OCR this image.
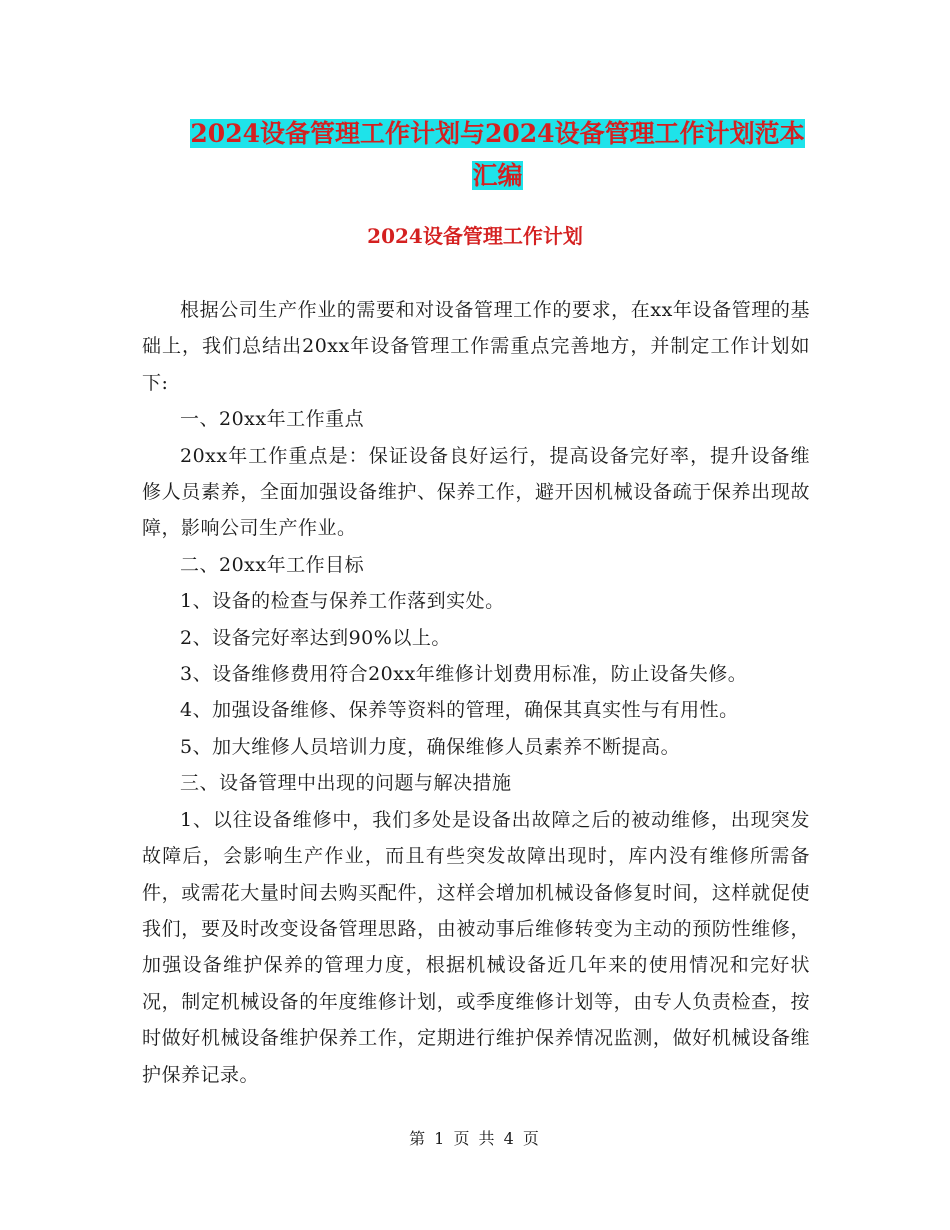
2024设备管理工作计划与2024设备管理工作计划范本
汇编
2024设备管理工作计划

根据公司生产作业的需要和对设备管理工作的要求，在xx年设备管理的基础上，我们总结出20xx年设备管理工作需重点完善地方，并制定工作计划如下:

一、20xx年工作重点

20xx年工作重点是：保证设备良好运行，提高设备完好率，提升设备维修人员素养，全面加强设备维护、保养工作，避开因机械设备疏于保养出现故障，影响公司生产作业。

二、20xx年工作目标

1、设备的检查与保养工作落到实处。

2、设备完好率达到90%以上。

3、设备维修费用符合20xx年维修计划费用标准，防止设备失修。

4、加强设备维修、保养等资料的管理，确保其真实性与有用性。

5、加大维修人员培训力度，确保维修人员素养不断提高。

三、设备管理中出现的问题与解决措施

1、以往设备维修中，我们多处是设备出故障之后的被动维修，出现突发故障后，会影响生产作业，而且有些突发故障出现时，库内没有维修所需备件，或需花大量时间去购买配件，这样会增加机械设备修复时间，这样就促使我们，要及时改变设备管理思路，由被动事后维修转变为主动的预防性维修，加强设备维护保养的管理力度，根据机械设备近几年来的使用情况和完好状况，制定机械设备的年度维修计划，或季度维修计划等，由专人负责检查，按时做好机械设备维护保养工作，定期进行维护保养情况监测，做好机械设备维护保养记录。

第 1 页 共 4 页
